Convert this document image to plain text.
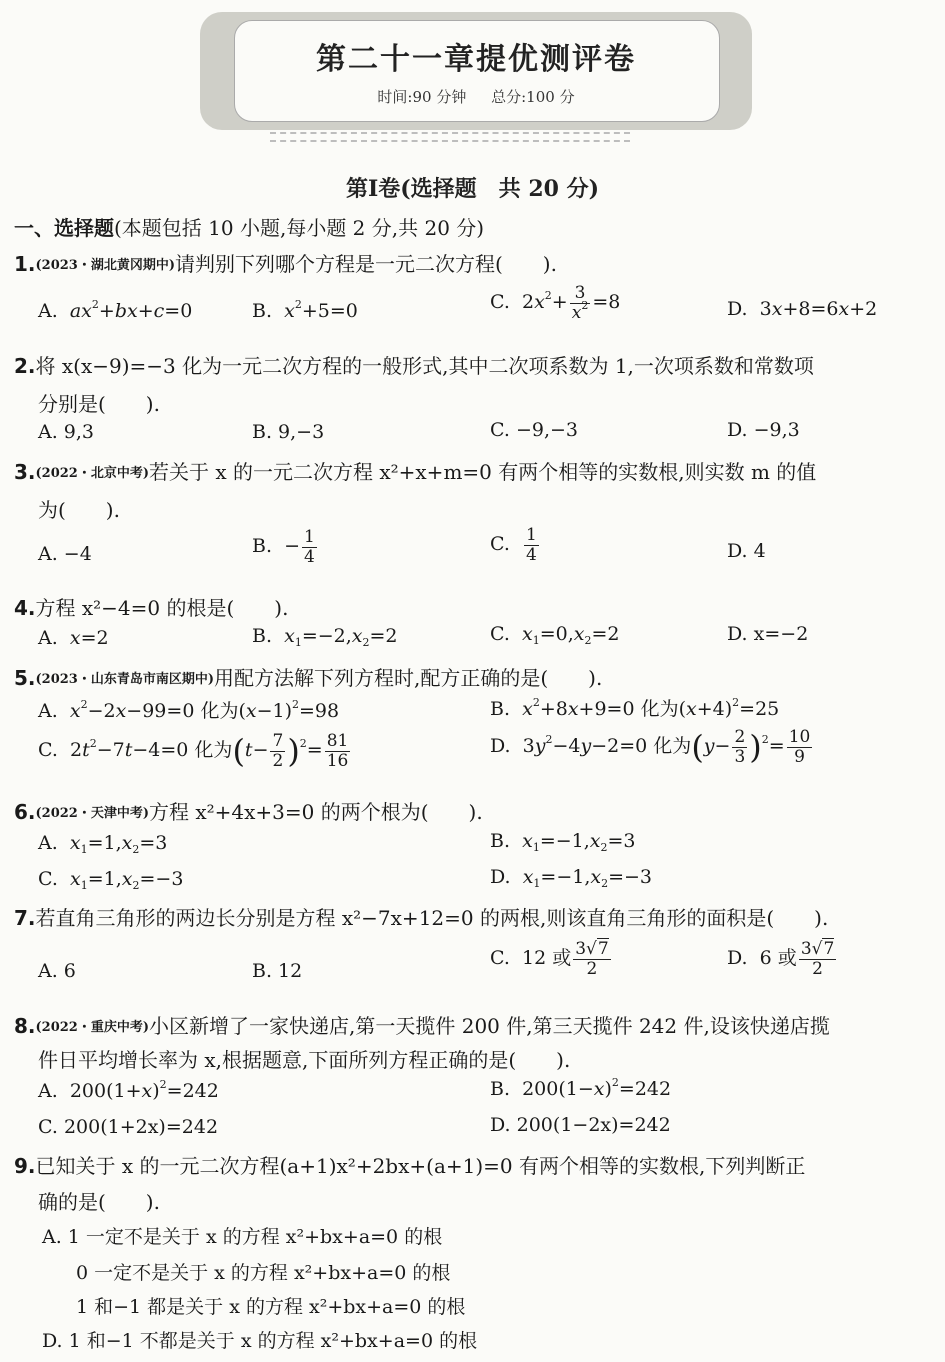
第二十一章提优测评卷
时间:90 分钟 总分:100 分
第Ⅰ卷(选择题　共 20 分)
一、选择题(本题包括 10 小题,每小题 2 分,共 20 分)
1.(2023・湖北黄冈期中)请判别下列哪个方程是一元二次方程(　　).
A.  $ax^2+bx+c=0$	B.  $x^2+5=0$	C.  $2x^2+ \frac{3}{x^2} =8$	D.  3x+8=6x+2
2.将 x(x−9)=−3 化为一元二次方程的一般形式,其中二次项系数为 1,一次项系数和常数项
分别是(　　).
A. 9,3	B. 9,−3	C. −9,−3	D. −9,3
3.(2022・北京中考)若关于 x 的一元二次方程 x²+x+m=0 有两个相等的实数根,则实数 m 的值
为(　　).
A. −4	B.  − $\frac{1}{4}$	C. $\frac{1}{4}$	D. 4
4.方程 x²−4=0 的根是(　　).
A.  x=2	B.  $x_1=-2,x_2=2$	C.  $x_1=0,x_2=2$	D. x=−2
5.(2023・山东青岛市南区期中)用配方法解下列方程时,配方正确的是(　　).
A.  $x^2-2x-99=0$ 化为$(x-1)^2=98$	B.  $x^2+8x+9=0$ 化为$(x+4)^2=25$
C.  $2t^2-7t-4=0$ 化为$(t- \frac{7}{2} )^2= \frac{81}{16}$	D.  $3y^2-4y-2=0$ 化为$(y- \frac{2}{3} )^2= \frac{10}{9}$
6.(2022・天津中考)方程 x²+4x+3=0 的两个根为(　　).
A.  $x_1=1,x_2=3$	B.  $x_1=-1,x_2=3$
C.  $x_1=1,x_2=-3$	D.  $x_1=-1,x_2=-3$
7.若直角三角形的两边长分别是方程 x²−7x+12=0 的两根,则该直角三角形的面积是(　　).
A. 6	B. 12
C.  12 或 $\frac{3√7}{2}$	D.  6 或 $\frac{3√7}{2}$
8.(2022・重庆中考)小区新增了一家快递店,第一天揽件 200 件,第三天揽件 242 件,设该快递店揽
件日平均增长率为 x,根据题意,下面所列方程正确的是(　　).
A.  $200(1+x)^2=242$	B.  $200(1-x)^2=242$
C. 200(1+2x)=242	D. 200(1−2x)=242
9.已知关于 x 的一元二次方程(a+1)x²+2bx+(a+1)=0 有两个相等的实数根,下列判断正
确的是(　　).
A. 1 一定不是关于 x 的方程 x²+bx+a=0 的根
0 一定不是关于 x 的方程 x²+bx+a=0 的根
1 和−1 都是关于 x 的方程 x²+bx+a=0 的根
D. 1 和−1 不都是关于 x 的方程 x²+bx+a=0 的根
